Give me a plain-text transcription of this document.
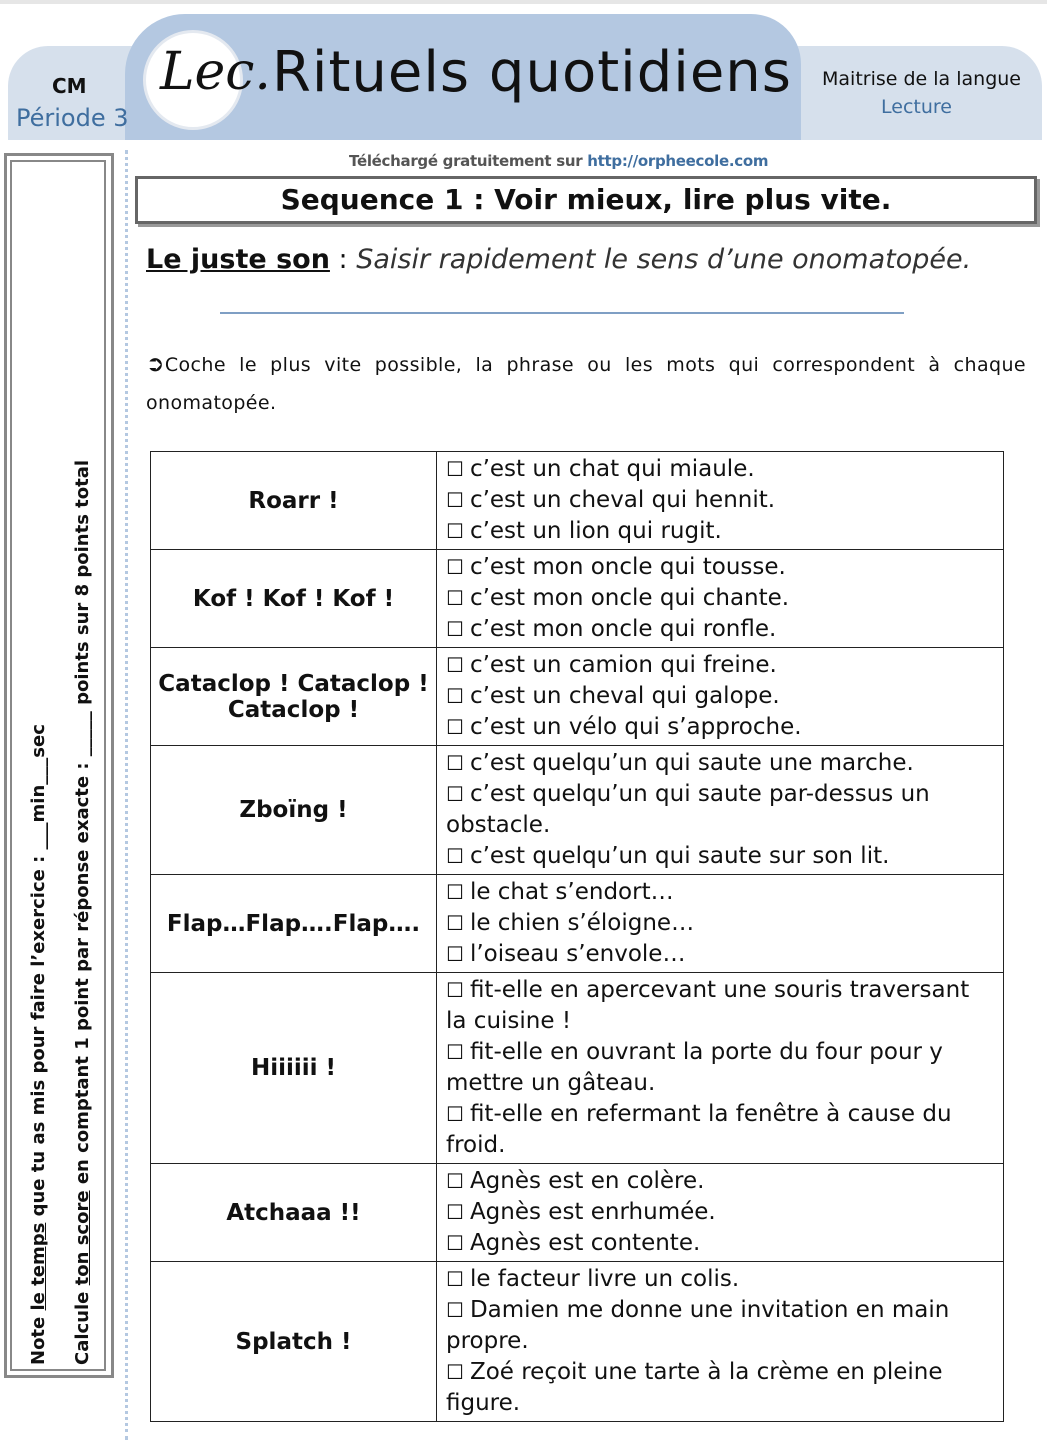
Lec. Rituels quotidiens
CM
Période 3
Maitrise de la langue
Lecture
Note le temps que tu as mis pour faire l’exercice : ___min___sec
Calcule ton score en comptant 1 point par réponse exacte : _____ points sur 8 points total
Téléchargé gratuitement sur http://orpheecole.com
Sequence 1 : Voir mieux, lire plus vite.
Le juste son : Saisir rapidement le sens d’une onomatopée.
➲Coche le plus vite possible, la phrase ou les mots qui correspondent à chaque onomatopée.
Roarr !	☐ c’est un chat qui miaule.
☐ c’est un cheval qui hennit.
☐ c’est un lion qui rugit.

Kof ! Kof ! Kof !	☐ c’est mon oncle qui tousse.
☐ c’est mon oncle qui chante.
☐ c’est mon oncle qui ronfle.

Cataclop ! Cataclop ! Cataclop !	☐ c’est un camion qui freine.
☐ c’est un cheval qui galope.
☐ c’est un vélo qui s’approche.

Zboïng !	☐ c’est quelqu’un qui saute une marche.
☐ c’est quelqu’un qui saute par-dessus un obstacle.
☐ c’est quelqu’un qui saute sur son lit.

Flap…Flap….Flap….	☐ le chat s’endort…
☐ le chien s’éloigne…
☐ l’oiseau s’envole…

Hiiiiii !	☐ fit-elle en apercevant une souris traversant la cuisine !
☐ fit-elle en ouvrant la porte du four pour y mettre un gâteau.
☐ fit-elle en refermant la fenêtre à cause du froid.

Atchaaa !!	☐ Agnès est en colère.
☐ Agnès est enrhumée.
☐ Agnès est contente.

Splatch !	☐ le facteur livre un colis.
☐ Damien me donne une invitation en main propre.
☐ Zoé reçoit une tarte à la crème en pleine figure.
